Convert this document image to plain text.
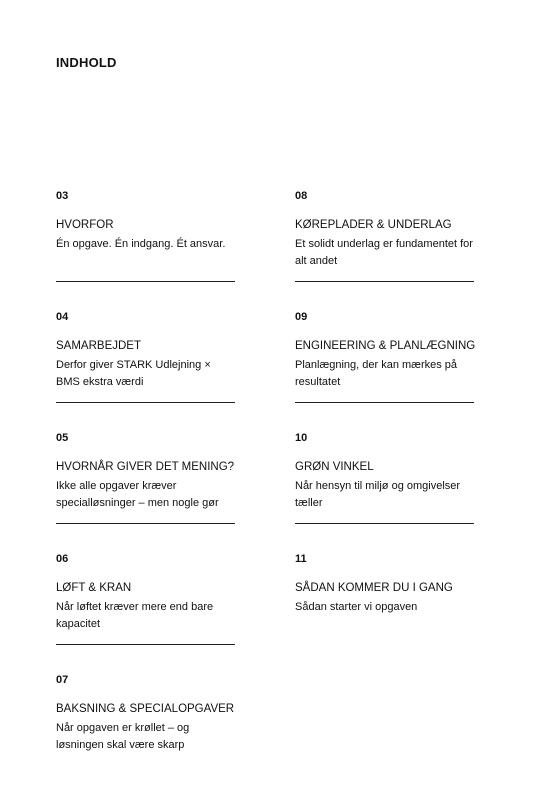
INDHOLD
03
HVORFOR
Én opgave. Én indgang. Ét ansvar.
04
SAMARBEJDET
Derfor giver STARK Udlejning × BMS ekstra værdi
05
HVORNÅR GIVER DET MENING?
Ikke alle opgaver kræver specialløsninger – men nogle gør
06
LØFT & KRAN
Når løftet kræver mere end bare kapacitet
07
BAKSNING & SPECIALOPGAVER
Når opgaven er krøllet – og løsningen skal være skarp
08
KØREPLADER & UNDERLAG
Et solidt underlag er fundamentet for alt andet
09
ENGINEERING & PLANLÆGNING
Planlægning, der kan mærkes på resultatet
10
GRØN VINKEL
Når hensyn til miljø og omgivelser tæller
11
SÅDAN KOMMER DU I GANG
Sådan starter vi opgaven
